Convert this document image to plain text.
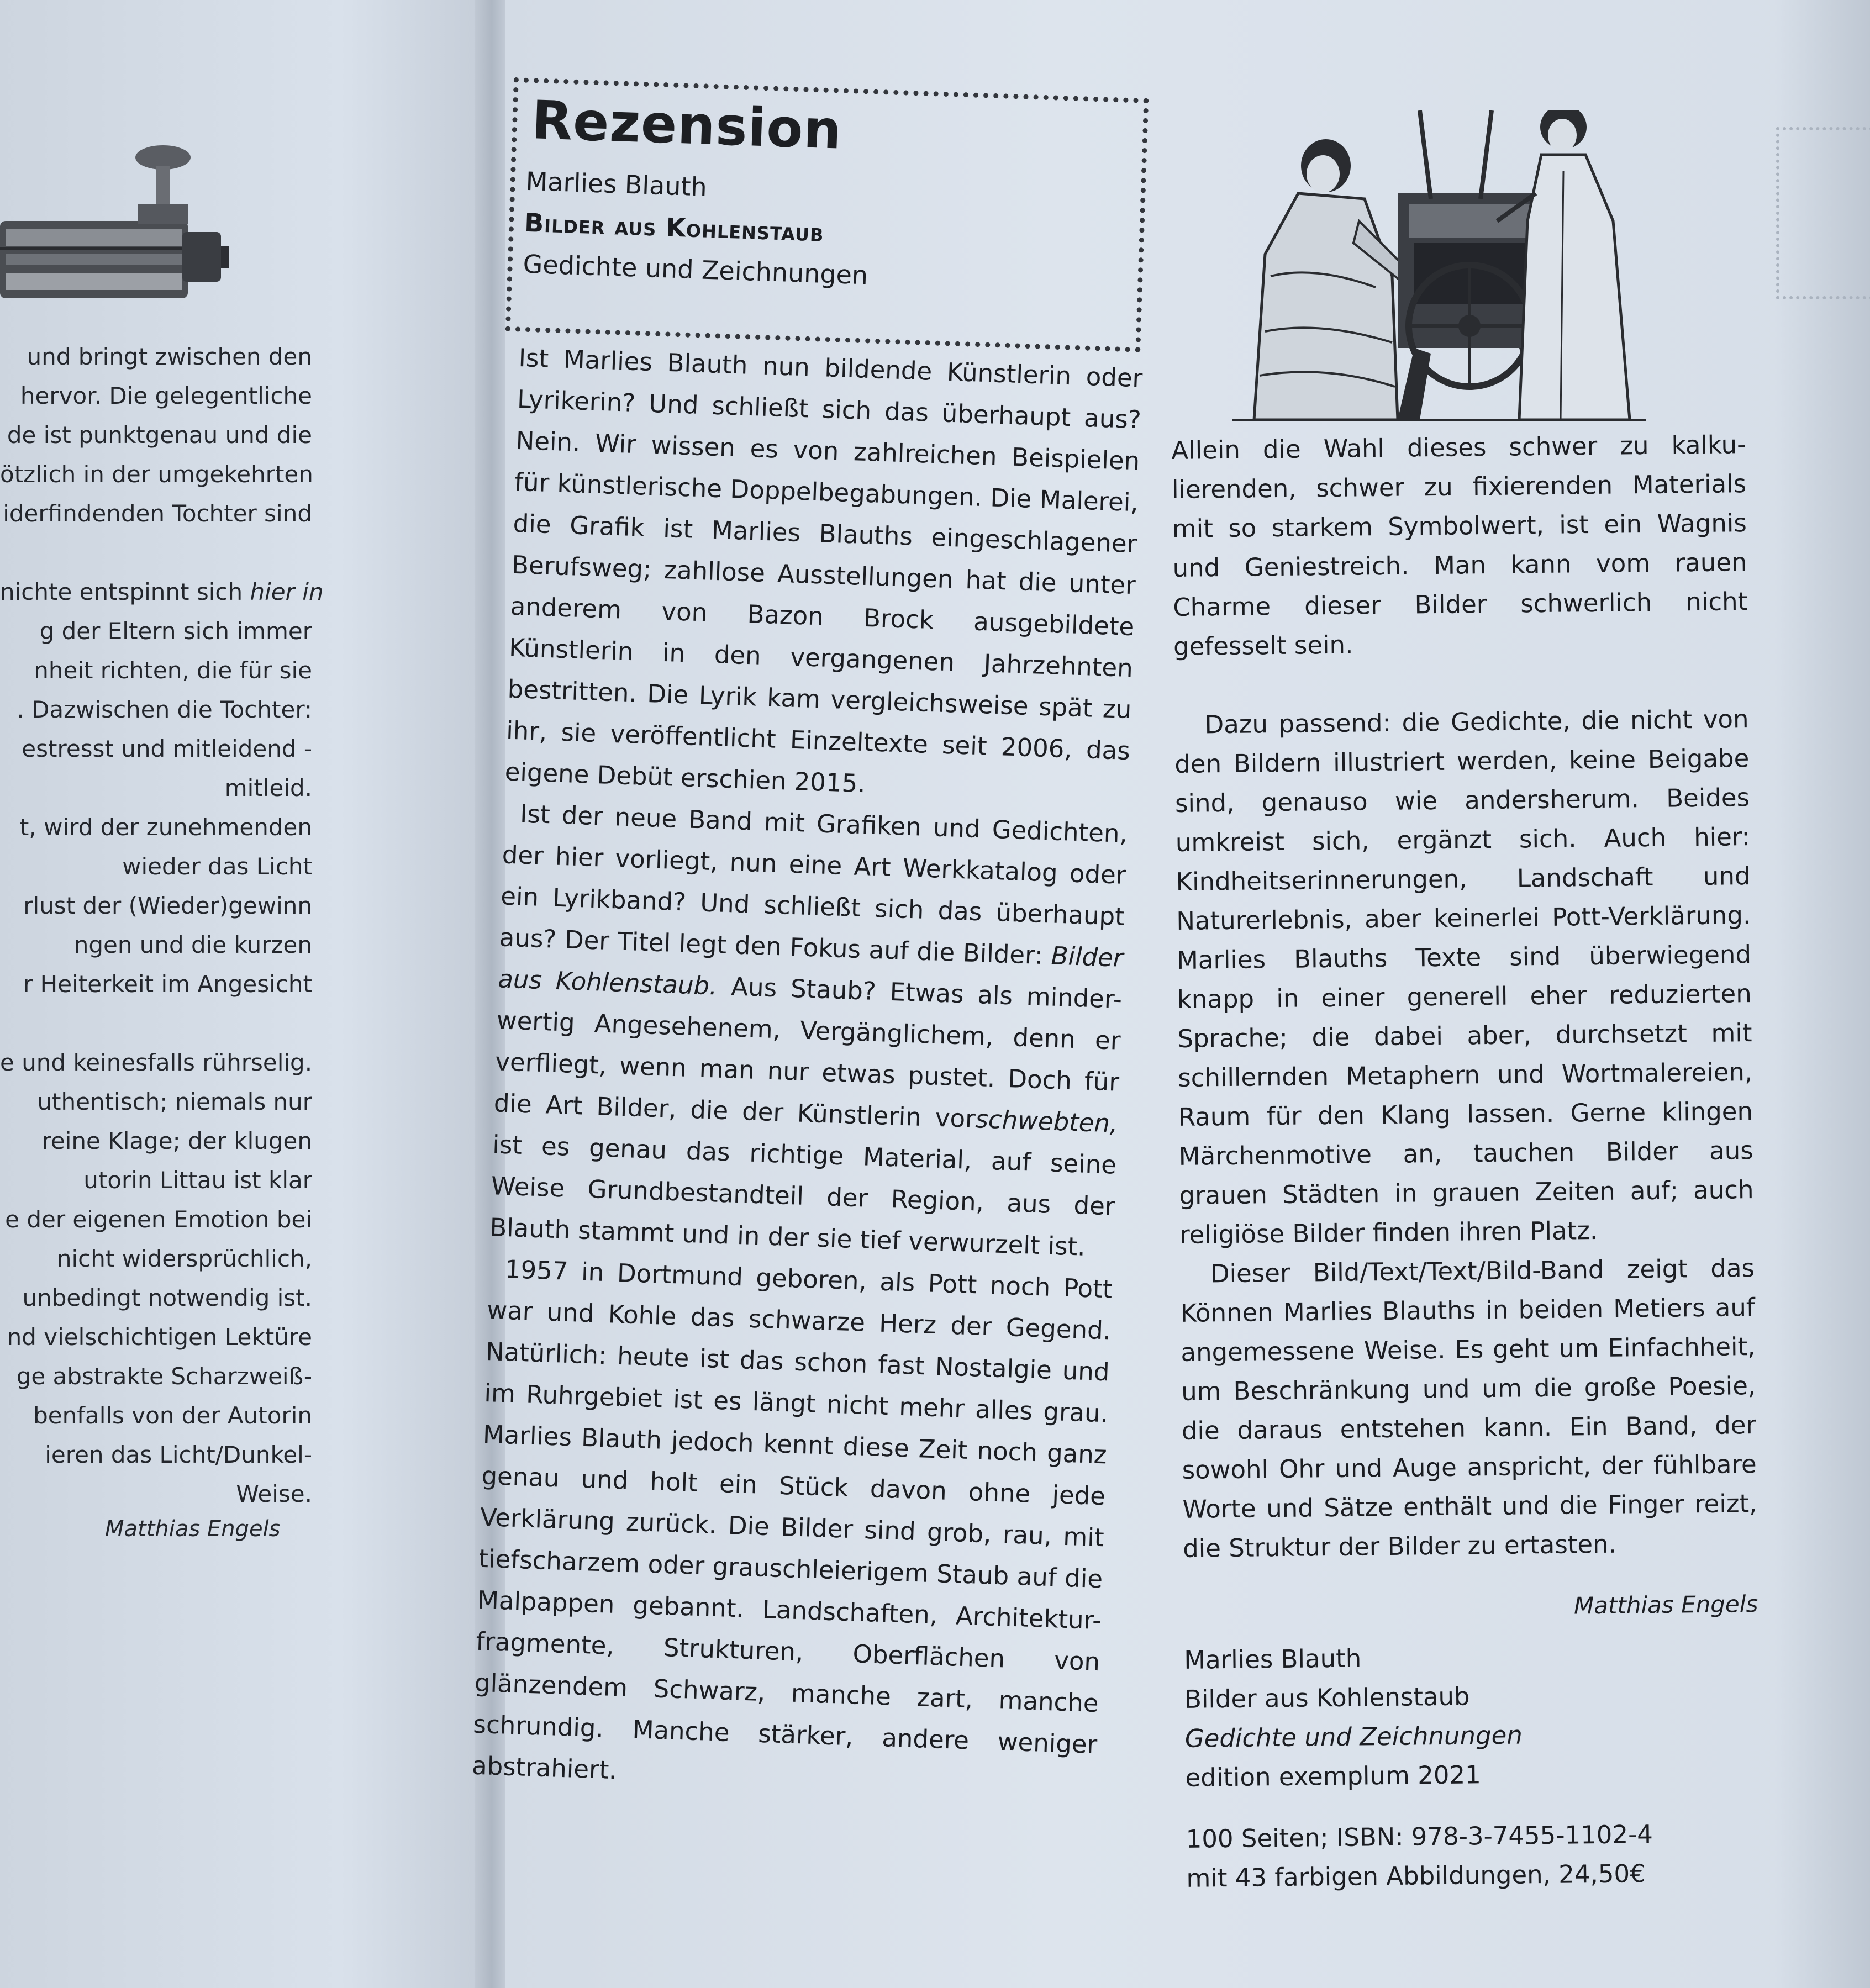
und bringt zwischen den
hervor. Die gelegentliche
de ist punktgenau und die
ötzlich in der umgekehrten
iderfindenden Tochter sind
nichte entspinnt sich hier in
g der Eltern sich immer
nheit richten, die für sie
. Dazwischen die Tochter:
estresst und mitleidend -
mitleid.
t, wird der zunehmenden
wieder das Licht
rlust der (Wieder)gewinn
ngen und die kurzen
r Heiterkeit im Angesicht
e und keinesfalls rührselig.
uthentisch; niemals nur
reine Klage; der klugen
utorin Littau ist klar
e der eigenen Emotion bei
nicht widersprüchlich,
unbedingt notwendig ist.
nd vielschichtigen Lektüre
ge abstrakte Scharzweiß-
benfalls von der Autorin
ieren das Licht/Dunkel-
Weise.
Matthias Engels
Rezension
Marlies Blauth
Bilder aus Kohlenstaub
Gedichte und Zeichnungen

Ist Marlies Blauth nun bildende Künstlerin oder Lyrikerin? Und schließt sich das überhaupt aus? Nein. Wir wissen es von zahlreichen Beispielen für künstlerische Doppelbegabungen. Die Malerei, die Grafik ist Marlies Blauths eingeschlagener Berufsweg; zahllose Ausstellungen hat die unter anderem von Bazon Brock ausgebildete Künstlerin in den vergangenen Jahrzehnten bestritten. Die Lyrik kam vergleichsweise spät zu ihr, sie veröffentlicht Einzeltexte seit 2006, das eigene Debüt erschien 2015.

Ist der neue Band mit Grafiken und Gedichten, der hier vorliegt, nun eine Art Werkkatalog oder ein Lyrikband? Und schließt sich das überhaupt aus? Der Titel legt den Fokus auf die Bilder: Bilder aus Kohlenstaub. Aus Staub? Etwas als minder-wertig Angesehenem, Vergänglichem, denn er verfliegt, wenn man nur etwas pustet. Doch für die Art Bilder, die der Künstlerin vorschwebten, ist es genau das richtige Material, auf seine Weise Grundbestandteil der Region, aus der Blauth stammt und in der sie tief verwurzelt ist.

1957 in Dortmund geboren, als Pott noch Pott war und Kohle das schwarze Herz der Gegend. Natürlich: heute ist das schon fast Nostalgie und im Ruhrgebiet ist es längt nicht mehr alles grau. Marlies Blauth jedoch kennt diese Zeit noch ganz genau und holt ein Stück davon ohne jede Verklärung zurück. Die Bilder sind grob, rau, mit tiefscharzem oder grauschleierigem Staub auf die Malpappen gebannt. Landschaften, Architektur-fragmente, Strukturen, Oberflächen von glänzendem Schwarz, manche zart, manche schrundig. Manche stärker, andere weniger abstrahiert.

Allein die Wahl dieses schwer zu kalku-lierenden, schwer zu fixierenden Materials mit so starkem Symbolwert, ist ein Wagnis und Geniestreich. Man kann vom rauen Charme dieser Bilder schwerlich nicht gefesselt sein.

Dazu passend: die Gedichte, die nicht von den Bildern illustriert werden, keine Beigabe sind, genauso wie andersherum. Beides umkreist sich, ergänzt sich. Auch hier: Kindheitserinnerungen, Landschaft und Naturerlebnis, aber keinerlei Pott-Verklärung. Marlies Blauths Texte sind überwiegend knapp in einer generell eher reduzierten Sprache; die dabei aber, durchsetzt mit schillernden Metaphern und Wortmalereien, Raum für den Klang lassen. Gerne klingen Märchenmotive an, tauchen Bilder aus grauen Städten in grauen Zeiten auf; auch religiöse Bilder finden ihren Platz.

Dieser Bild/Text/Text/Bild-Band zeigt das Können Marlies Blauths in beiden Metiers auf angemessene Weise. Es geht um Einfachheit, um Beschränkung und um die große Poesie, die daraus entstehen kann. Ein Band, der sowohl Ohr und Auge anspricht, der fühlbare Worte und Sätze enthält und die Finger reizt, die Struktur der Bilder zu ertasten.

Matthias Engels
Marlies Blauth
Bilder aus Kohlenstaub
Gedichte und Zeichnungen
edition exemplum 2021
100 Seiten; ISBN: 978-3-7455-1102-4
mit 43 farbigen Abbildungen, 24,50€
